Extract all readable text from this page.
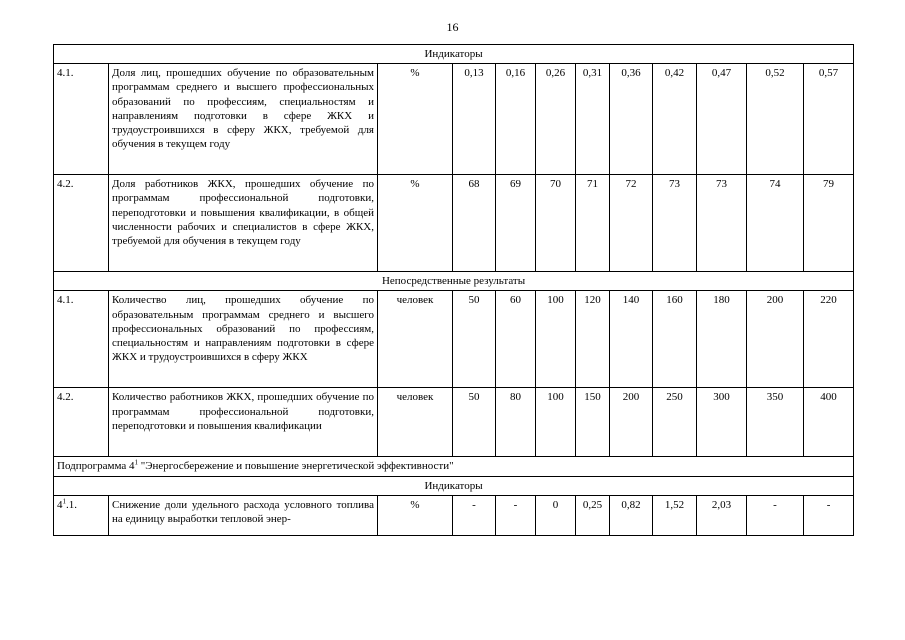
16
Индикаторы											
4.1.	Доля лиц, прошедших обучение по образовательным программам среднего и высшего профессиональных образований по профессиям, специальностям и направлениям подготовки в сфере ЖКХ и трудоустроившихся в сферу ЖКХ, требуемой для обучения в текущем году	%	0,13	0,16	0,26	0,31	0,36	0,42	0,47	0,52	0,57
4.2.	Доля работников ЖКХ, прошедших обучение по программам профессиональной подготовки, переподготовки и повышения квалификации, в общей численности рабочих и специалистов в сфере ЖКХ, требуемой для обучения в текущем году	%	68	69	70	71	72	73	73	74	79
Непосредственные результаты											
4.1.	Количество лиц, прошедших обучение по образовательным программам среднего и высшего профессиональных образований по профессиям, специальностям и направлениям подготовки в сфере ЖКХ и трудоустроившихся в сферу ЖКХ	человек	50	60	100	120	140	160	180	200	220
4.2.	Количество работников ЖКХ, прошедших обучение по программам профессиональной подготовки, переподготовки и повышения квалификации	человек	50	80	100	150	200	250	300	350	400
Подпрограмма $4^1$ "Энергосбережение и повышение энергетической эффективности"											
Индикаторы											
$4^1.1$.	Снижение доли удельного расхода условного топлива на единицу выработки тепловой энер-	%	-	-	0	0,25	0,82	1,52	2,03	-	-
